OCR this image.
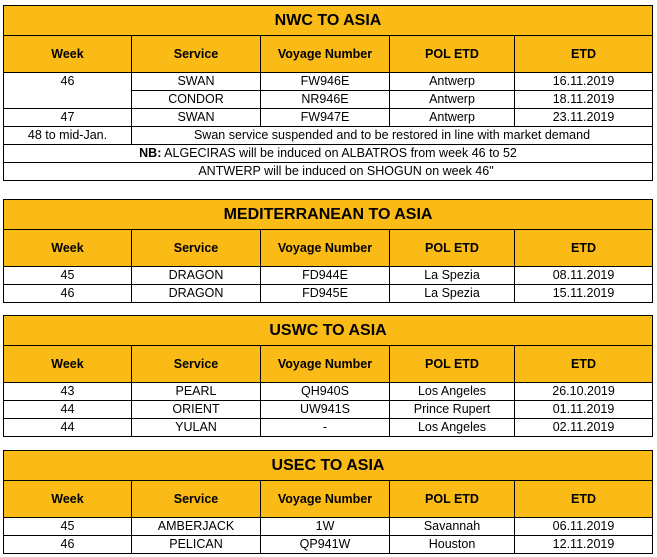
NWC TO ASIA				
Week	Service	Voyage Number	POL ETD	ETD
46	SWAN	FW946E	Antwerp	16.11.2019
	CONDOR	NR946E	Antwerp	18.11.2019
47	SWAN	FW947E	Antwerp	23.11.2019
48 to mid-Jan.	Swan service suspended and to be restored in line with market demand			
NB: ALGECIRAS will be induced on ALBATROS from week 46 to 52				
ANTWERP will be induced on SHOGUN on week 46"				
MEDITERRANEAN TO ASIA				
Week	Service	Voyage Number	POL ETD	ETD
45	DRAGON	FD944E	La Spezia	08.11.2019
46	DRAGON	FD945E	La Spezia	15.11.2019
USWC TO ASIA				
Week	Service	Voyage Number	POL ETD	ETD
43	PEARL	QH940S	Los Angeles	26.10.2019
44	ORIENT	UW941S	Prince Rupert	01.11.2019
44	YULAN	-	Los Angeles	02.11.2019
USEC TO ASIA				
Week	Service	Voyage Number	POL ETD	ETD
45	AMBERJACK	1W	Savannah	06.11.2019
46	PELICAN	QP941W	Houston	12.11.2019
